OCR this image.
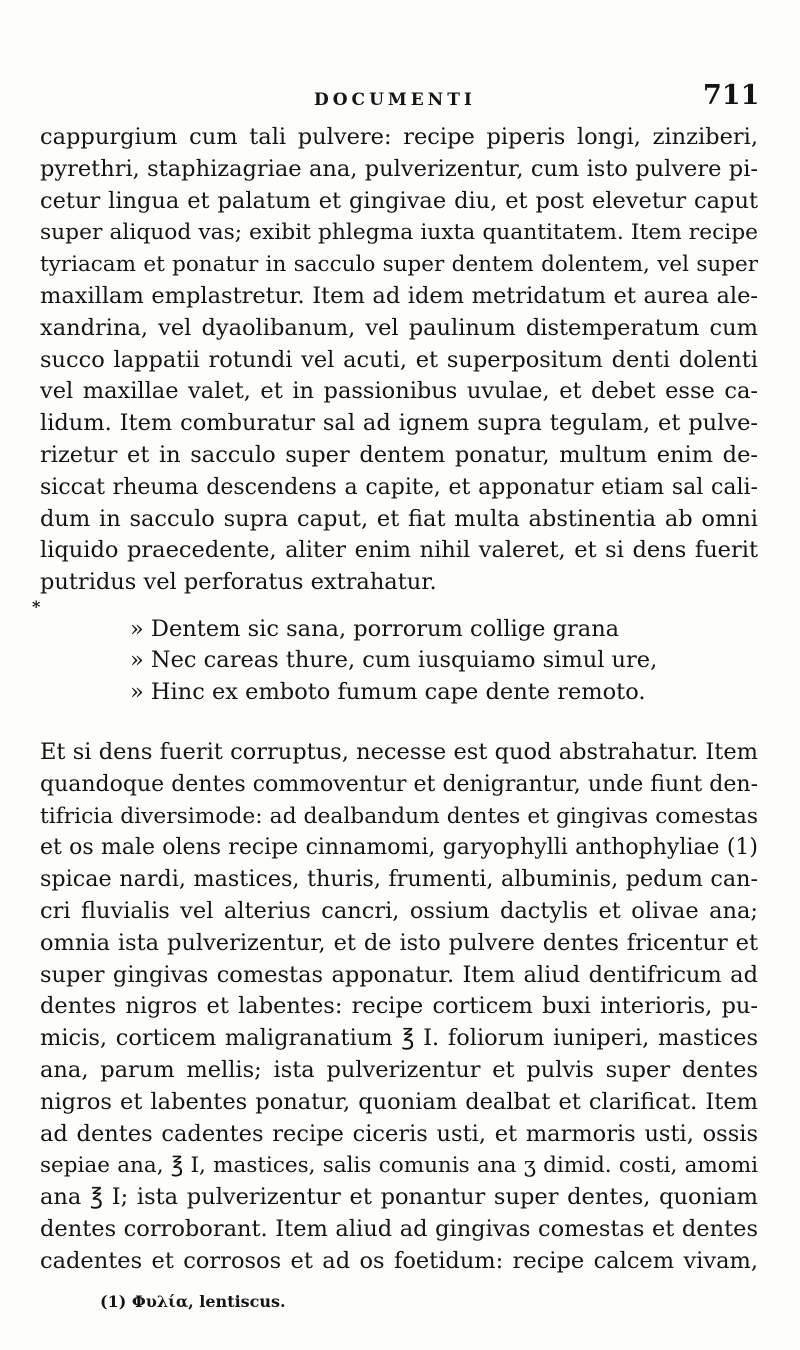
DOCUMENTI	711
cappurgium cum tali pulvere: recipe piperis longi, zinziberi,
pyrethri, staphizagriae ana, pulverizentur, cum isto pulvere pi-
cetur lingua et palatum et gingivae diu, et post elevetur caput
super aliquod vas; exibit phlegma iuxta quantitatem. Item recipe
tyriacam et ponatur in sacculo super dentem dolentem, vel super
maxillam emplastretur. Item ad idem metridatum et aurea ale-
xandrina, vel dyaolibanum, vel paulinum distemperatum cum
succo lappatii rotundi vel acuti, et superpositum denti dolenti
vel maxillae valet, et in passionibus uvulae, et debet esse ca-
lidum. Item comburatur sal ad ignem supra tegulam, et pulve-
rizetur et in sacculo super dentem ponatur, multum enim de-
siccat rheuma descendens a capite, et apponatur etiam sal cali-
dum in sacculo supra caput, et fiat multa abstinentia ab omni
liquido praecedente, aliter enim nihil valeret, et si dens fuerit
putridus vel perforatus extrahatur.
*
» Dentem sic sana, porrorum collige grana
» Nec careas thure, cum iusquiamo simul ure,
» Hinc ex emboto fumum cape dente remoto.
Et si dens fuerit corruptus, necesse est quod abstrahatur. Item
quandoque dentes commoventur et denigrantur, unde fiunt den-
tifricia diversimode: ad dealbandum dentes et gingivas comestas
et os male olens recipe cinnamomi, garyophylli anthophyliae (1)
spicae nardi, mastices, thuris, frumenti, albuminis, pedum can-
cri fluvialis vel alterius cancri, ossium dactylis et olivae ana;
omnia ista pulverizentur, et de isto pulvere dentes fricentur et
super gingivas comestas apponatur. Item aliud dentifricum ad
dentes nigros et labentes: recipe corticem buxi interioris, pu-
micis, corticem maligranatium ℥ I. foliorum iuniperi, mastices
ana, parum mellis; ista pulverizentur et pulvis super dentes
nigros et labentes ponatur, quoniam dealbat et clarificat. Item
ad dentes cadentes recipe ciceris usti, et marmoris usti, ossis
sepiae ana, ℥ I, mastices, salis comunis ana ʒ dimid. costi, amomi
ana ℥ I; ista pulverizentur et ponantur super dentes, quoniam
dentes corroborant. Item aliud ad gingivas comestas et dentes
cadentes et corrosos et ad os foetidum: recipe calcem vivam,
(1) Φυλία, lentiscus.
